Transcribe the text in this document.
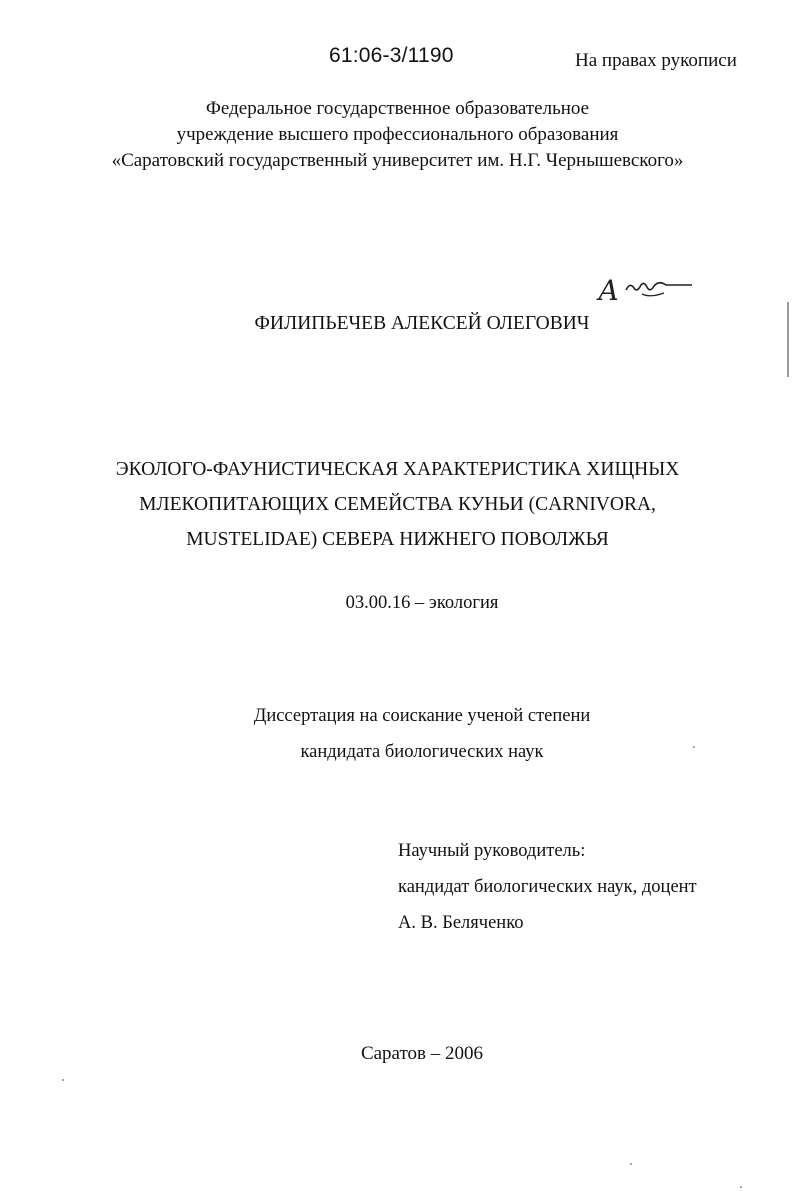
61:06-3/1190	На правах рукописи
Федеральное государственное образовательное
учреждение высшего профессионального образования
«Саратовский государственный университет им. Н.Г. Чернышевского»
А
ФИЛИПЬЕЧЕВ АЛЕКСЕЙ ОЛЕГОВИЧ
ЭКОЛОГО-ФАУНИСТИЧЕСКАЯ ХАРАКТЕРИСТИКА ХИЩНЫХ
МЛЕКОПИТАЮЩИХ СЕМЕЙСТВА КУНЬИ (CARNIVORA,
MUSTELIDAE) СЕВЕРА НИЖНЕГО ПОВОЛЖЬЯ
03.00.16 – экология
Диссертация на соискание ученой степени
кандидата биологических наук
Научный руководитель:
кандидат биологических наук, доцент
А. В. Беляченко
Саратов – 2006
